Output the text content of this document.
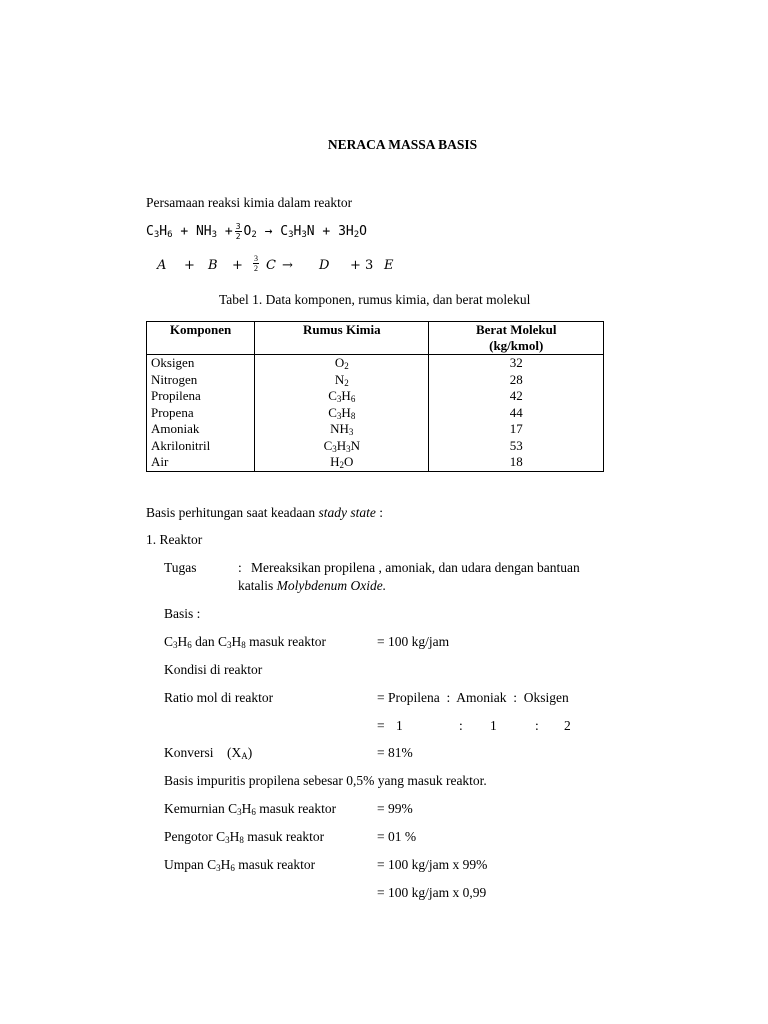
NERACA MASSA BASIS
Persamaan reaksi kimia dalam reaktor
$C_3H_6 + NH_3 + \frac{3}{2} O_2 \to C_3H_3N + 3H_2O$
$A + B + \frac{3}{2}$ C → D + 3 E
Tabel 1. Data komponen, rumus kimia, dan berat molekul
Komponen	Rumus Kimia	Berat Molekul
(kg/kmol)
Oksigen	$O_2$	32
Nitrogen	$N_2$	28
Propilena	$C_3H_6$	42
Propena	$C_3H_8$	44
Amoniak	$NH_3$	17
Akrilonitril	$C_3H_3N$	53
Air	$H_2O$	18
Basis perhitungan saat keadaan stady state :
1. Reaktor
Tugas	: Mereaksikan propilena , amoniak, dan udara dengan bantuan
katalis Molybdenum Oxide.
Basis :
$C_3H_6$ dan $C_3H_8$ masuk reaktor	= 100 kg/jam
Kondisi di reaktor
Ratio mol di reaktor	= Propilena  :  Amoniak  :  Oksigen
= 1	: 1	: 2
Konversi $(X_A)$	= 81%
Basis impuritis propilena sebesar 0,5% yang masuk reaktor.
Kemurnian $C_3H_6$ masuk reaktor	= 99%
Pengotor $C_3H_8$ masuk reaktor	= 01 %
Umpan $C_3H_6$ masuk reaktor	= 100 kg/jam x 99%
= 100 kg/jam x 0,99
